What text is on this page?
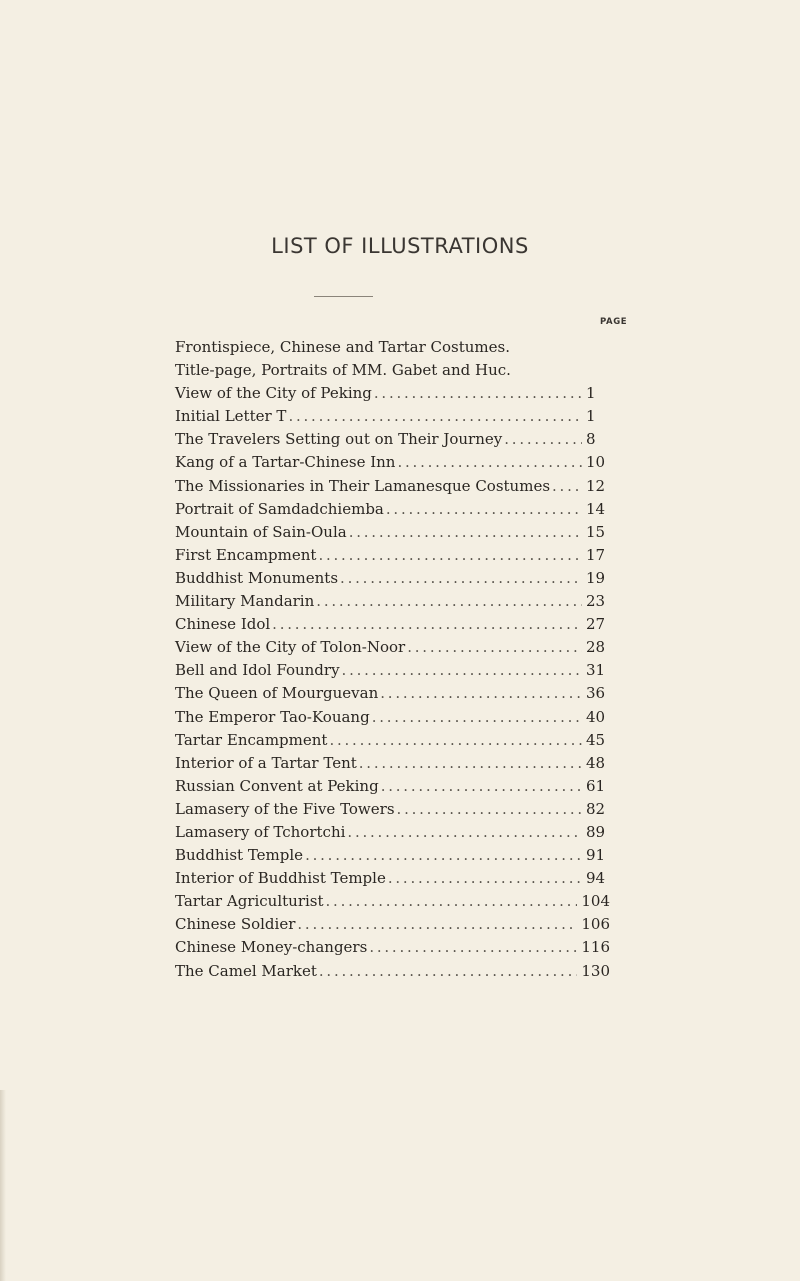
LIST OF ILLUSTRATIONS
PAGE
Frontispiece, Chinese and Tartar Costumes.
Title-page, Portraits of MM. Gabet and Huc.
View of the City of Peking . . .	1
Initial Letter T . . .	1
The Travelers Setting out on Their Journey . . .	8
Kang of a Tartar-Chinese Inn . . .	10
The Missionaries in Their Lamanesque Costumes . . . 12
Portrait of Samdadchiemba . . .	14
Mountain of Sain-Oula . . .	15
First Encampment . . .	17
Buddhist Monuments . . .	19
Military Mandarin . . .	23
Chinese Idol . . .	27
View of the City of Tolon-Noor . . .	28
Bell and Idol Foundry . . .	31
The Queen of Mourguevan . . .	36
The Emperor Tao-Kouang . . .	40
Tartar Encampment . . .	45
Interior of a Tartar Tent . . .	48
Russian Convent at Peking . . .	61
Lamasery of the Five Towers . . .	82
Lamasery of Tchortchi . . .	89
Buddhist Temple . . .	91
Interior of Buddhist Temple . . .	94
Tartar Agriculturist . . .	104
Chinese Soldier . . .	106
Chinese Money-changers . . .	116
The Camel Market . . .	130
